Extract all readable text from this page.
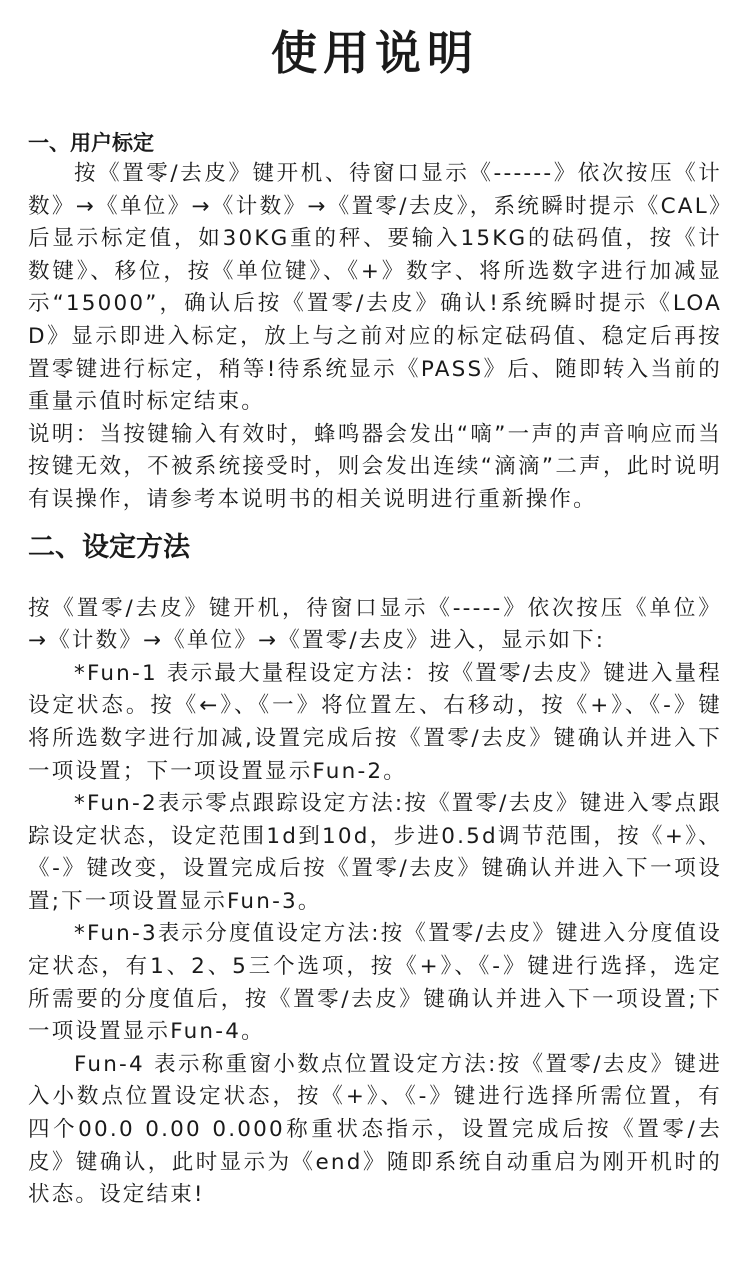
使用说明
一、用户标定

按《置零/去皮》键开机、待窗口显示《------》依次按压《计数》→《单位》→《计数》→《置零/去皮》，系统瞬时提示《CAL》后显示标定值，如30KG重的秤、要输入15KG的砝码值，按《计数键》、移位，按《单位键》、《+》数字、将所选数字进行加减显示“15000”，确认后按《置零/去皮》确认!系统瞬时提示《LOAD》显示即进入标定，放上与之前对应的标定砝码值、稳定后再按置零键进行标定，稍等!待系统显示《PASS》后、随即转入当前的重量示值时标定结束。

说明：当按键输入有效时，蜂鸣器会发出“嘀”一声的声音响应而当按键无效，不被系统接受时，则会发出连续“滴滴”二声，此时说明有误操作，请参考本说明书的相关说明进行重新操作。

二、设定方法

按《置零/去皮》键开机，待窗口显示《-----》依次按压《单位》→《计数》→《单位》→《置零/去皮》进入，显示如下:

*Fun-1 表示最大量程设定方法：按《置零/去皮》键进入量程设定状态。按《←》、《一》将位置左、右移动，按《+》、《-》键将所选数字进行加减,设置完成后按《置零/去皮》键确认并进入下一项设置；下一项设置显示Fun-2。

*Fun-2表示零点跟踪设定方法:按《置零/去皮》键进入零点跟踪设定状态，设定范围1d到10d，步进0.5d调节范围，按《+》、《-》键改变，设置完成后按《置零/去皮》键确认并进入下一项设置;下一项设置显示Fun-3。

*Fun-3表示分度值设定方法:按《置零/去皮》键进入分度值设定状态，有1、2、5三个选项，按《+》、《-》键进行选择，选定所需要的分度值后，按《置零/去皮》键确认并进入下一项设置;下一项设置显示Fun-4。

Fun-4 表示称重窗小数点位置设定方法:按《置零/去皮》键进入小数点位置设定状态，按《+》、《-》键进行选择所需位置，有四个00.0 0.00 0.000称重状态指示，设置完成后按《置零/去皮》键确认，此时显示为《end》随即系统自动重启为刚开机时的状态。设定结束!
